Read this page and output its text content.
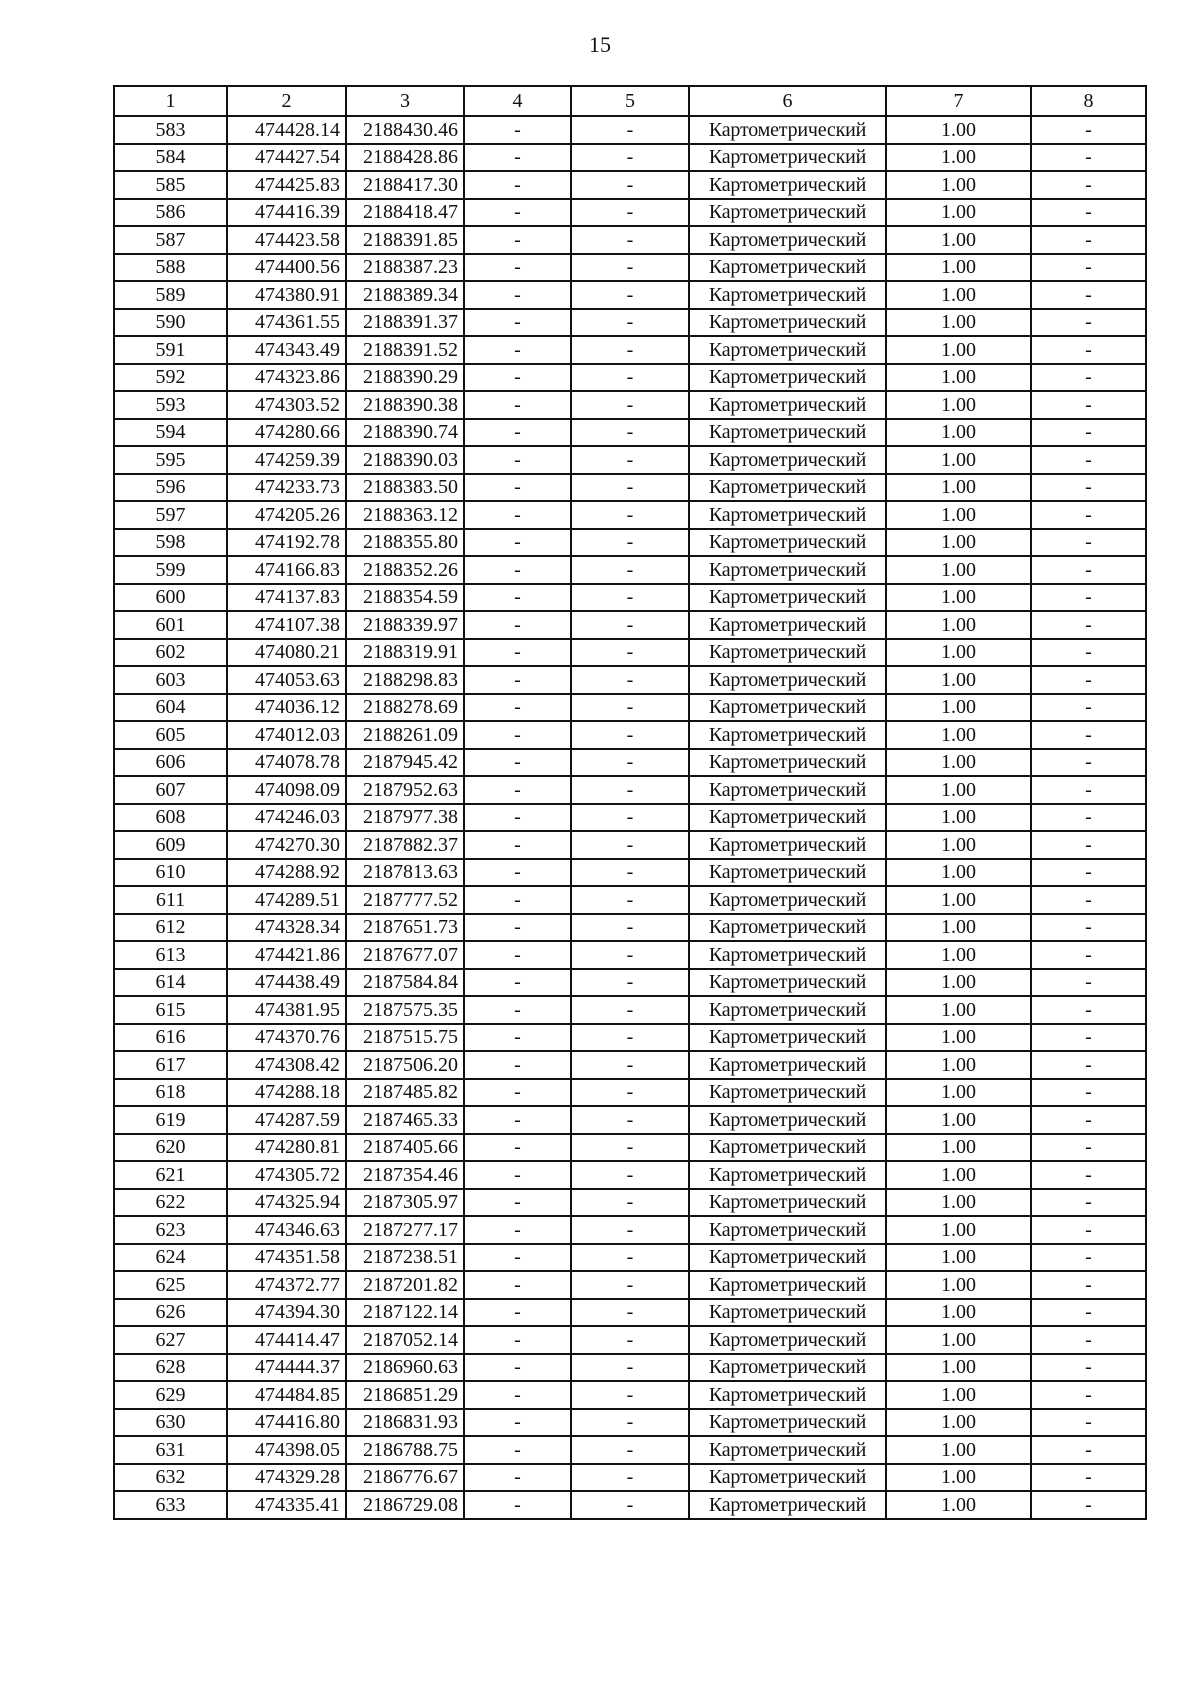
15
1	2	3	4	5	6	7	8
583	474428.14	2188430.46	-	-	Картометрический	1.00	-
584	474427.54	2188428.86	-	-	Картометрический	1.00	-
585	474425.83	2188417.30	-	-	Картометрический	1.00	-
586	474416.39	2188418.47	-	-	Картометрический	1.00	-
587	474423.58	2188391.85	-	-	Картометрический	1.00	-
588	474400.56	2188387.23	-	-	Картометрический	1.00	-
589	474380.91	2188389.34	-	-	Картометрический	1.00	-
590	474361.55	2188391.37	-	-	Картометрический	1.00	-
591	474343.49	2188391.52	-	-	Картометрический	1.00	-
592	474323.86	2188390.29	-	-	Картометрический	1.00	-
593	474303.52	2188390.38	-	-	Картометрический	1.00	-
594	474280.66	2188390.74	-	-	Картометрический	1.00	-
595	474259.39	2188390.03	-	-	Картометрический	1.00	-
596	474233.73	2188383.50	-	-	Картометрический	1.00	-
597	474205.26	2188363.12	-	-	Картометрический	1.00	-
598	474192.78	2188355.80	-	-	Картометрический	1.00	-
599	474166.83	2188352.26	-	-	Картометрический	1.00	-
600	474137.83	2188354.59	-	-	Картометрический	1.00	-
601	474107.38	2188339.97	-	-	Картометрический	1.00	-
602	474080.21	2188319.91	-	-	Картометрический	1.00	-
603	474053.63	2188298.83	-	-	Картометрический	1.00	-
604	474036.12	2188278.69	-	-	Картометрический	1.00	-
605	474012.03	2188261.09	-	-	Картометрический	1.00	-
606	474078.78	2187945.42	-	-	Картометрический	1.00	-
607	474098.09	2187952.63	-	-	Картометрический	1.00	-
608	474246.03	2187977.38	-	-	Картометрический	1.00	-
609	474270.30	2187882.37	-	-	Картометрический	1.00	-
610	474288.92	2187813.63	-	-	Картометрический	1.00	-
611	474289.51	2187777.52	-	-	Картометрический	1.00	-
612	474328.34	2187651.73	-	-	Картометрический	1.00	-
613	474421.86	2187677.07	-	-	Картометрический	1.00	-
614	474438.49	2187584.84	-	-	Картометрический	1.00	-
615	474381.95	2187575.35	-	-	Картометрический	1.00	-
616	474370.76	2187515.75	-	-	Картометрический	1.00	-
617	474308.42	2187506.20	-	-	Картометрический	1.00	-
618	474288.18	2187485.82	-	-	Картометрический	1.00	-
619	474287.59	2187465.33	-	-	Картометрический	1.00	-
620	474280.81	2187405.66	-	-	Картометрический	1.00	-
621	474305.72	2187354.46	-	-	Картометрический	1.00	-
622	474325.94	2187305.97	-	-	Картометрический	1.00	-
623	474346.63	2187277.17	-	-	Картометрический	1.00	-
624	474351.58	2187238.51	-	-	Картометрический	1.00	-
625	474372.77	2187201.82	-	-	Картометрический	1.00	-
626	474394.30	2187122.14	-	-	Картометрический	1.00	-
627	474414.47	2187052.14	-	-	Картометрический	1.00	-
628	474444.37	2186960.63	-	-	Картометрический	1.00	-
629	474484.85	2186851.29	-	-	Картометрический	1.00	-
630	474416.80	2186831.93	-	-	Картометрический	1.00	-
631	474398.05	2186788.75	-	-	Картометрический	1.00	-
632	474329.28	2186776.67	-	-	Картометрический	1.00	-
633	474335.41	2186729.08	-	-	Картометрический	1.00	-
